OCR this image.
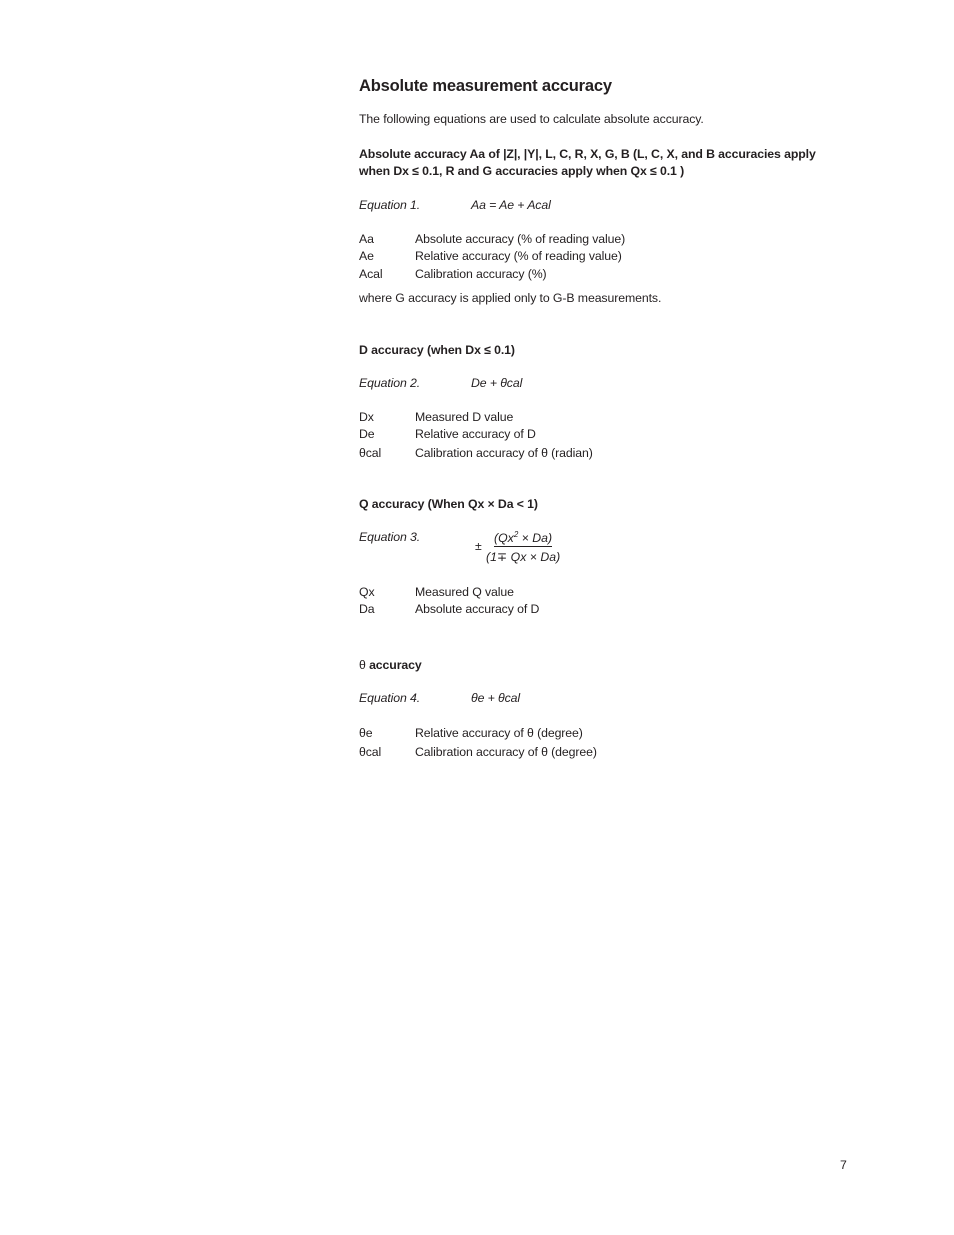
Absolute measurement accuracy
The following equations are used to calculate absolute accuracy.
Absolute accuracy Aa of |Z|, |Y|, L, C, R, X, G, B (L, C, X, and B accuracies apply
when Dx ≤ 0.1, R and G accuracies apply when Qx ≤ 0.1 )
Equation 1.	Aa = Ae + Acal
Aa	Absolute accuracy (% of reading value)
Ae	Relative accuracy (% of reading value)
Acal	Calibration accuracy (%)
where G accuracy is applied only to G-B measurements.
D accuracy (when Dx ≤ 0.1)
Equation 2.	De + θcal
Dx	Measured D value
De	Relative accuracy of D
θcal	Calibration accuracy of θ (radian)
Q accuracy (When Qx × Da < 1)
Equation 3.
±
$(Qx^2 \times Da)$
(1∓ Qx × Da)
Qx	Measured Q value
Da	Absolute accuracy of D
θ accuracy
Equation 4.	θe + θcal
θe	Relative accuracy of θ (degree)
θcal	Calibration accuracy of θ (degree)
7
